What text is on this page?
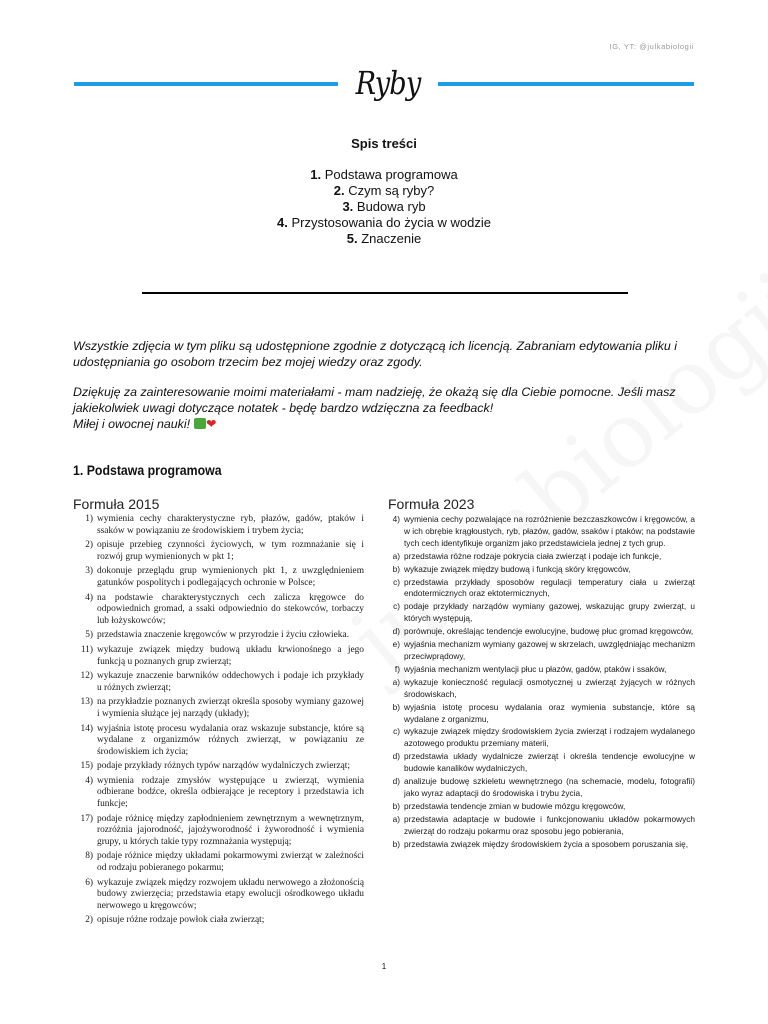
IG, YT: @julkabiologii
Ryby
Spis treści
1. Podstawa programowa
2. Czym są ryby?
3. Budowa ryb
4. Przystosowania do życia w wodzie
5. Znaczenie

Wszystkie zdjęcia w tym pliku są udostępnione zgodnie z dotyczącą ich licencją. Zabraniam edytowania pliku i udostępniania go osobom trzecim bez mojej wiedzy oraz zgody.

Dziękuję za zainteresowanie moimi materiałami - mam nadzieję, że okażą się dla Ciebie pomocne. Jeśli masz jakiekolwiek uwagi dotyczące notatek - będę bardzo wdzięczna za feedback!

Miłej i owocnej nauki! ❤

1. Podstawa programowa
Formuła 2015	Formuła 2023
1) wymienia cechy charakterystyczne ryb, płazów, gadów, ptaków i ssaków w powiązaniu ze środowiskiem i trybem życia;
2) opisuje przebieg czynności życiowych, w tym rozmnażanie się i rozwój grup wymienionych w pkt 1;
3) dokonuje przeglądu grup wymienionych pkt 1, z uwzględnieniem gatunków pospolitych i podlegających ochronie w Polsce;
4) na podstawie charakterystycznych cech zalicza kręgowce do odpowiednich gromad, a ssaki odpowiednio do stekowców, torbaczy lub łożyskowców;
5) przedstawia znaczenie kręgowców w przyrodzie i życiu człowieka.
11) wykazuje związek między budową układu krwionośnego a jego funkcją u poznanych grup zwierząt;
12) wykazuje znaczenie barwników oddechowych i podaje ich przykłady u różnych zwierząt;
13) na przykładzie poznanych zwierząt określa sposoby wymiany gazowej i wymienia służące jej narządy (układy);
14) wyjaśnia istotę procesu wydalania oraz wskazuje substancje, które są wydalane z organizmów różnych zwierząt, w powiązaniu ze środowiskiem ich życia;
15) podaje przykłady różnych typów narządów wydalniczych zwierząt;
4) wymienia rodzaje zmysłów występujące u zwierząt, wymienia odbierane bodźce, określa odbierające je receptory i przedstawia ich funkcje;
17) podaje różnicę między zapłodnieniem zewnętrznym a wewnętrznym, rozróżnia jajorodność, jajożyworodność i żyworodność i wymienia grupy, u których takie typy rozmnażania występują;
8) podaje różnice między układami pokarmowymi zwierząt w zależności od rodzaju pobieranego pokarmu;
6) wykazuje związek między rozwojem układu nerwowego a złożonością budowy zwierzęcia; przedstawia etapy ewolucji ośrodkowego układu nerwowego u kręgowców;
2) opisuje różne rodzaje powłok ciała zwierząt;
4) wymienia cechy pozwalające na rozróżnienie bezczaszkowców i kręgowców, a w ich obrębie krągłoustych, ryb, płazów, gadów, ssaków i ptaków; na podstawie tych cech identyfikuje organizm jako przedstawiciela jednej z tych grup.
a) przedstawia różne rodzaje pokrycia ciała zwierząt i podaje ich funkcje,
b) wykazuje związek między budową i funkcją skóry kręgowców,
c) przedstawia przykłady sposobów regulacji temperatury ciała u zwierząt endotermicznych oraz ektotermicznych,
c) podaje przykłady narządów wymiany gazowej, wskazując grupy zwierząt, u których występują,
d) porównuje, określając tendencje ewolucyjne, budowę płuc gromad kręgowców,
e) wyjaśnia mechanizm wymiany gazowej w skrzelach, uwzględniając mechanizm przeciwprądowy,
f) wyjaśnia mechanizm wentylacji płuc u płazów, gadów, ptaków i ssaków,
a) wykazuje konieczność regulacji osmotycznej u zwierząt żyjących w różnych środowiskach,
b) wyjaśnia istotę procesu wydalania oraz wymienia substancje, które są wydalane z organizmu,
c) wykazuje związek między środowiskiem życia zwierząt i rodzajem wydalanego azotowego produktu przemiany materii,
d) przedstawia układy wydalnicze zwierząt i określa tendencje ewolucyjne w budowie kanalików wydalniczych,
d) analizuje budowę szkieletu wewnętrznego (na schemacie, modelu, fotografii) jako wyraz adaptacji do środowiska i trybu życia,
b) przedstawia tendencje zmian w budowie mózgu kręgowców,
a) przedstawia adaptacje w budowie i funkcjonowaniu układów pokarmowych zwierząt do rodzaju pokarmu oraz sposobu jego pobierania,
b) przedstawia związek między środowiskiem życia a sposobem poruszania się,
1
